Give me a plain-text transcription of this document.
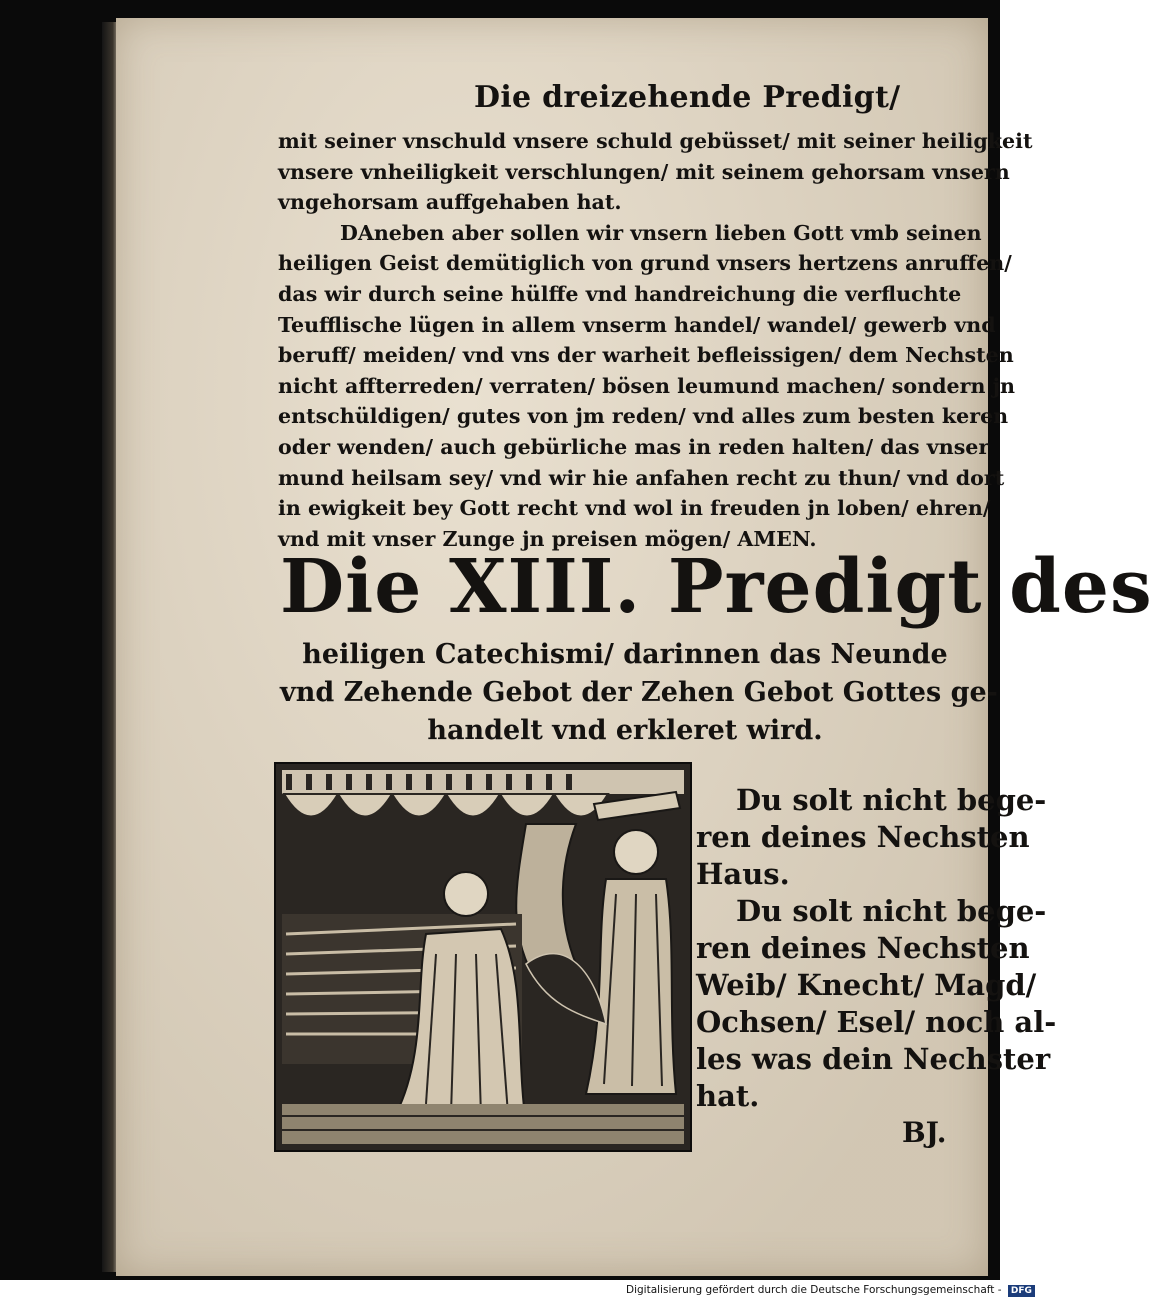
Die dreizehende Predigt/
mit seiner vnschuld vnsere schuld gebüsset/ mit seiner heiligkeit
vnsere vnheiligkeit verschlungen/ mit seinem gehorsam vnsern
vngehorsam auffgehaben hat.
DAneben aber sollen wir vnsern lieben Gott vmb seinen
heiligen Geist demütiglich von grund vnsers hertzens anruffen/
das wir durch seine hülffe vnd handreichung die verfluchte
Teufflische lügen in allem vnserm handel/ wandel/ gewerb vnd
beruff/ meiden/ vnd vns der warheit befleissigen/ dem Nechsten
nicht affterreden/ verraten/ bösen leumund machen/ sondern jn
entschüldigen/ gutes von jm reden/ vnd alles zum besten keren
oder wenden/ auch gebürliche mas in reden halten/ das vnser
mund heilsam sey/ vnd wir hie anfahen recht zu thun/ vnd dort
in ewigkeit bey Gott recht vnd wol in freuden jn loben/ ehren/
vnd mit vnser Zunge jn preisen mögen/ AMEN.
Die XIII. Predigt des
heiligen Catechismi/ darinnen das Neunde
vnd Zehende Gebot der Zehen Gebot Gottes ge-
handelt vnd erkleret wird.
Du solt nicht bege-
ren deines Nechsten
Haus.
Du solt nicht bege-
ren deines Nechsten
Weib/ Knecht/ Magd/
Ochsen/ Esel/ noch al-
les was dein Nechster
hat.
BJ.
Digitalisierung gefördert durch die Deutsche Forschungsgemeinschaft - DFG
